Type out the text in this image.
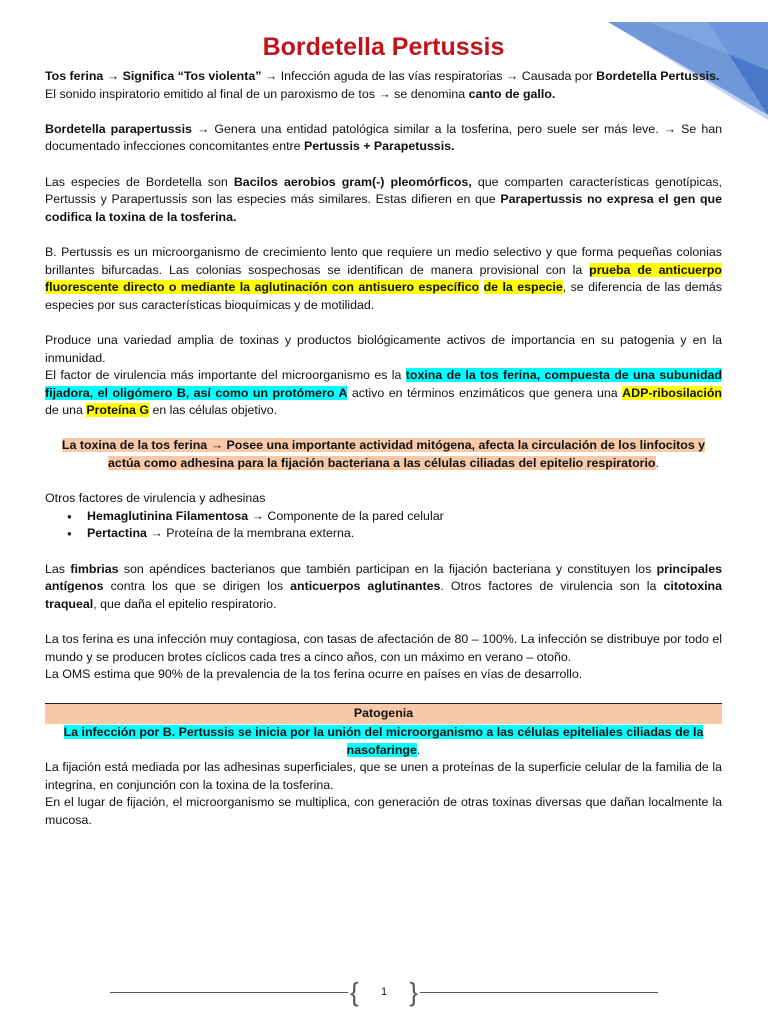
Bordetella Pertussis

Tos ferina → Significa “Tos violenta” → Infección aguda de las vías respiratorias → Causada por Bordetella Pertussis.
El sonido inspiratorio emitido al final de un paroxismo de tos → se denomina canto de gallo.

Bordetella parapertussis → Genera una entidad patológica similar a la tosferina, pero suele ser más leve. → Se han documentado infecciones concomitantes entre Pertussis + Parapetussis.

Las especies de Bordetella son Bacilos aerobios gram(-) pleomórficos, que comparten características genotípicas, Pertussis y Parapertussis son las especies más similares. Estas difieren en que Parapertussis no expresa el gen que codifica la toxina de la tosferina.

B. Pertussis es un microorganismo de crecimiento lento que requiere un medio selectivo y que forma pequeñas colonias brillantes bifurcadas. Las colonias sospechosas se identifican de manera provisional con la prueba de anticuerpo fluorescente directo o mediante la aglutinación con antisuero específico de la especie, se diferencia de las demás especies por sus características bioquímicas y de motilidad.

Produce una variedad amplia de toxinas y productos biológicamente activos de importancia en su patogenia y en la inmunidad.
El factor de virulencia más importante del microorganismo es la toxina de la tos ferina, compuesta de una subunidad fijadora, el oligómero B, así como un protómero A activo en términos enzimáticos que genera una ADP-ribosilación de una Proteína G en las células objetivo.

La toxina de la tos ferina → Posee una importante actividad mitógena, afecta la circulación de los linfocitos y actúa como adhesina para la fijación bacteriana a las células ciliadas del epitelio respiratorio.

Otros factores de virulencia y adhesinas

● Hemaglutinina Filamentosa → Componente de la pared celular
● Pertactina → Proteína de la membrana externa.

Las fimbrias son apéndices bacterianos que también participan en la fijación bacteriana y constituyen los principales antígenos contra los que se dirigen los anticuerpos aglutinantes. Otros factores de virulencia son la citotoxina traqueal, que daña el epitelio respiratorio.

La tos ferina es una infección muy contagiosa, con tasas de afectación de 80 – 100%. La infección se distribuye por todo el mundo y se producen brotes cíclicos cada tres a cinco años, con un máximo en verano – otoño.
La OMS estima que 90% de la prevalencia de la tos ferina ocurre en países en vías de desarrollo.

Patogenia

La infección por B. Pertussis se inicia por la unión del microorganismo a las células epiteliales ciliadas de la nasofaringe.

La fijación está mediada por las adhesinas superficiales, que se unen a proteínas de la superficie celular de la familia de la integrina, en conjunción con la toxina de la tosferina.

En el lugar de fijación, el microorganismo se multiplica, con generación de otras toxinas diversas que dañan localmente la mucosa.

{	1 }
